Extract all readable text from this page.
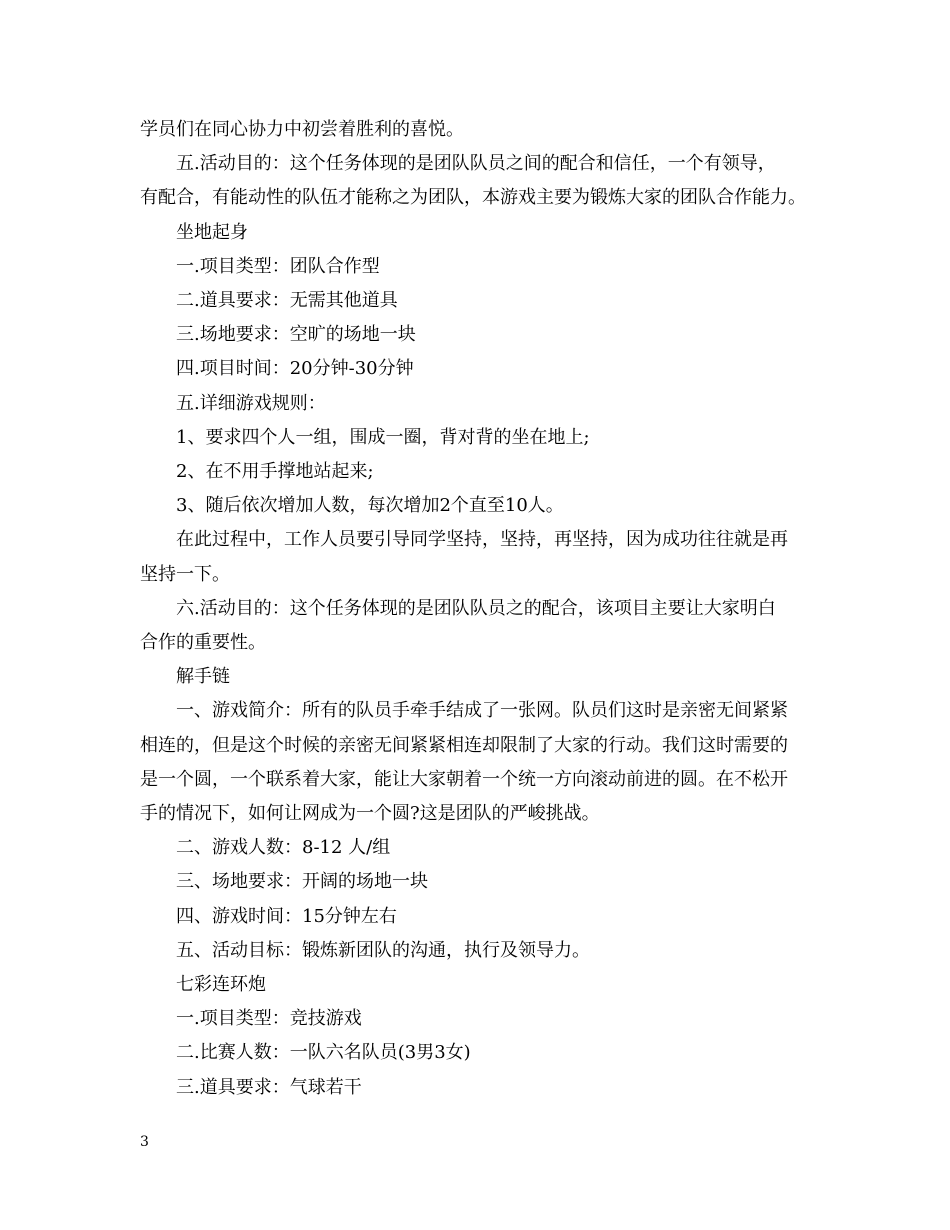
学员们在同心协力中初尝着胜利的喜悦。
五.活动目的：这个任务体现的是团队队员之间的配合和信任，一个有领导，
有配合，有能动性的队伍才能称之为团队，本游戏主要为锻炼大家的团队合作能力。
坐地起身
一.项目类型：团队合作型
二.道具要求：无需其他道具
三.场地要求：空旷的场地一块
四.项目时间：20分钟-30分钟
五.详细游戏规则：
1、要求四个人一组，围成一圈，背对背的坐在地上;
2、在不用手撑地站起来;
3、随后依次增加人数，每次增加2个直至10人。
在此过程中，工作人员要引导同学坚持，坚持，再坚持，因为成功往往就是再
坚持一下。
六.活动目的：这个任务体现的是团队队员之的配合，该项目主要让大家明白
合作的重要性。
解手链
一、游戏简介：所有的队员手牵手结成了一张网。队员们这时是亲密无间紧紧
相连的，但是这个时候的亲密无间紧紧相连却限制了大家的行动。我们这时需要的
是一个圆，一个联系着大家，能让大家朝着一个统一方向滚动前进的圆。在不松开
手的情况下，如何让网成为一个圆?这是团队的严峻挑战。
二、游戏人数：8-12 人/组
三、场地要求：开阔的场地一块
四、游戏时间：15分钟左右
五、活动目标：锻炼新团队的沟通，执行及领导力。
七彩连环炮
一.项目类型：竞技游戏
二.比赛人数：一队六名队员(3男3女)
三.道具要求：气球若干
3
